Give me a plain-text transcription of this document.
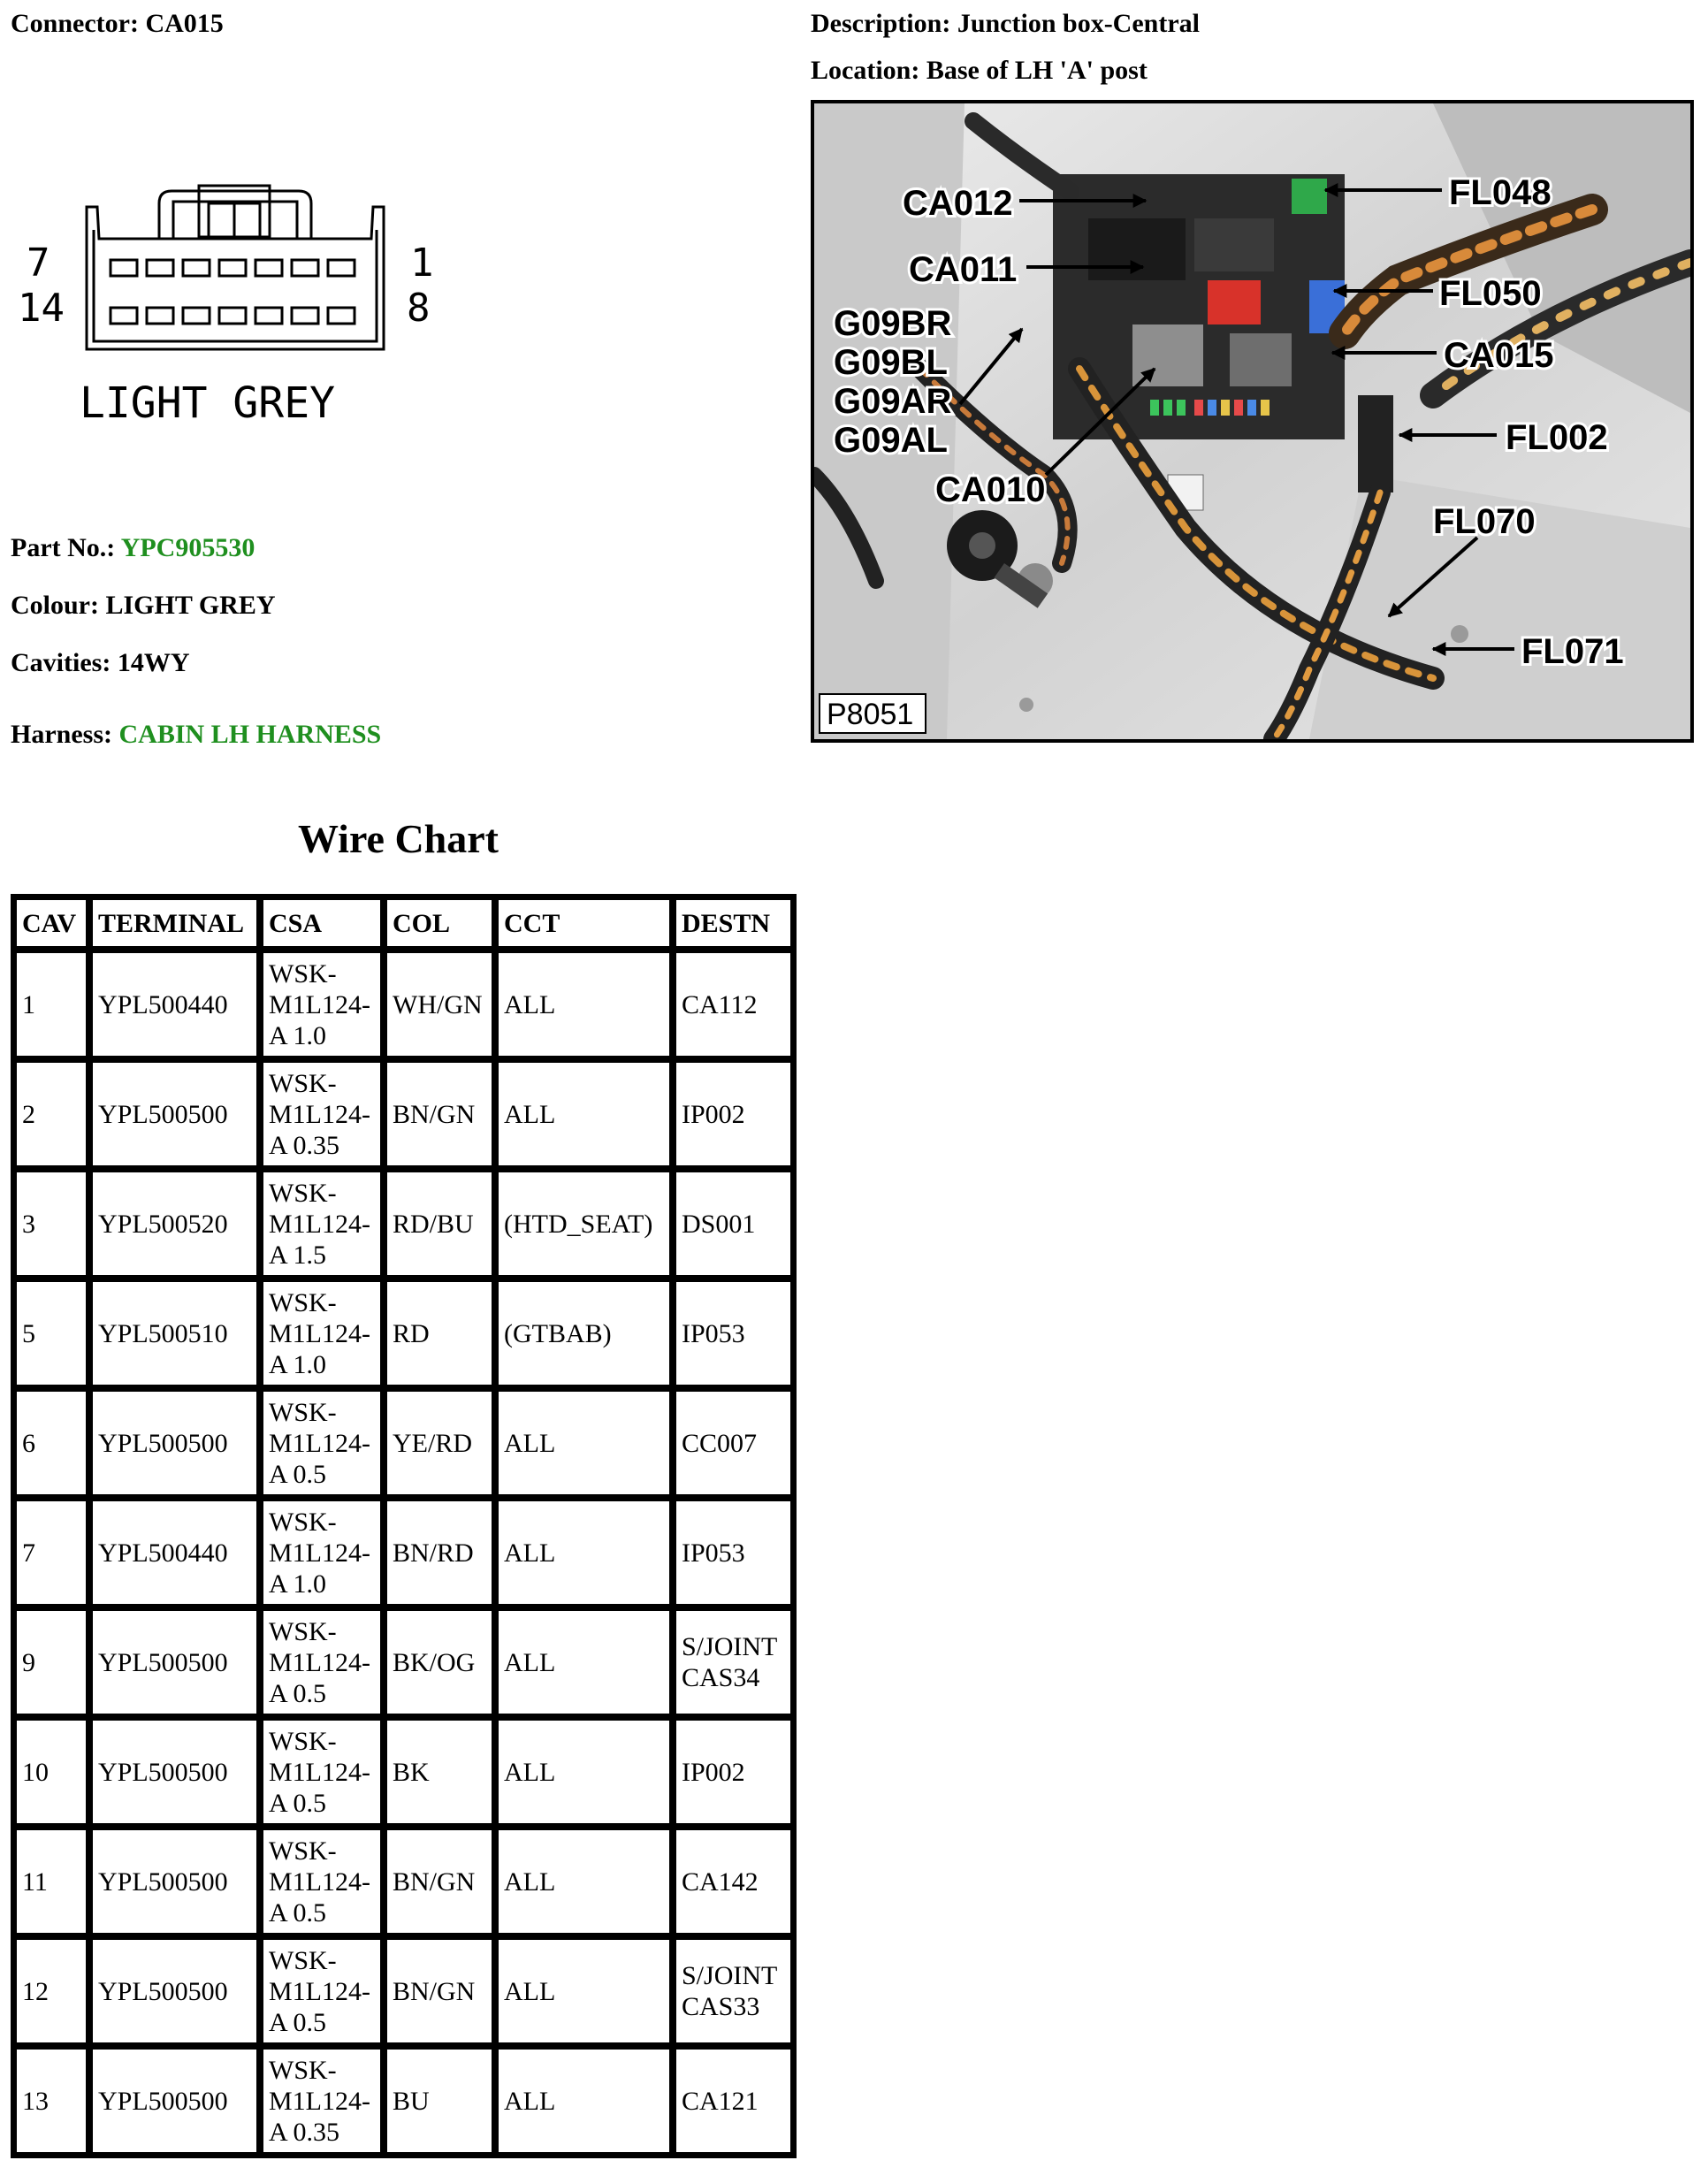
Connector: CA015	Description: Junction box-Central
Location: Base of LH 'A' post
7
14
1
8
LIGHT GREY
Part No.: YPC905530
Colour: LIGHT GREY
Cavities: 14WY
Harness: CABIN LH HARNESS
CA012
CA011
G09BR
G09BL
G09AR
G09AL
CA010
FL048
FL050
CA015
FL002
FL070
FL071
P8051
Wire Chart
CAV	TERMINAL	CSA	COL	CCT	DESTN
1	YPL500440	WSK-
M1L124-
A 1.0	WH/GN	ALL	CA112

2	YPL500500	WSK-
M1L124-
A 0.35	BN/GN	ALL	IP002

3	YPL500520	WSK-
M1L124-
A 1.5	RD/BU	(HTD_SEAT)	DS001

5	YPL500510	WSK-
M1L124-
A 1.0	RD	(GTBAB)	IP053

6	YPL500500	WSK-
M1L124-
A 0.5	YE/RD	ALL	CC007

7	YPL500440	WSK-
M1L124-
A 1.0	BN/RD	ALL	IP053

9	YPL500500	WSK-
M1L124-
A 0.5	BK/OG	ALL	S/JOINT
CAS34

10	YPL500500	WSK-
M1L124-
A 0.5	BK	ALL	IP002

11	YPL500500	WSK-
M1L124-
A 0.5	BN/GN	ALL	CA142

12	YPL500500	WSK-
M1L124-
A 0.5	BN/GN	ALL	S/JOINT
CAS33

13	YPL500500	WSK-
M1L124-
A 0.35	BU	ALL	CA121
